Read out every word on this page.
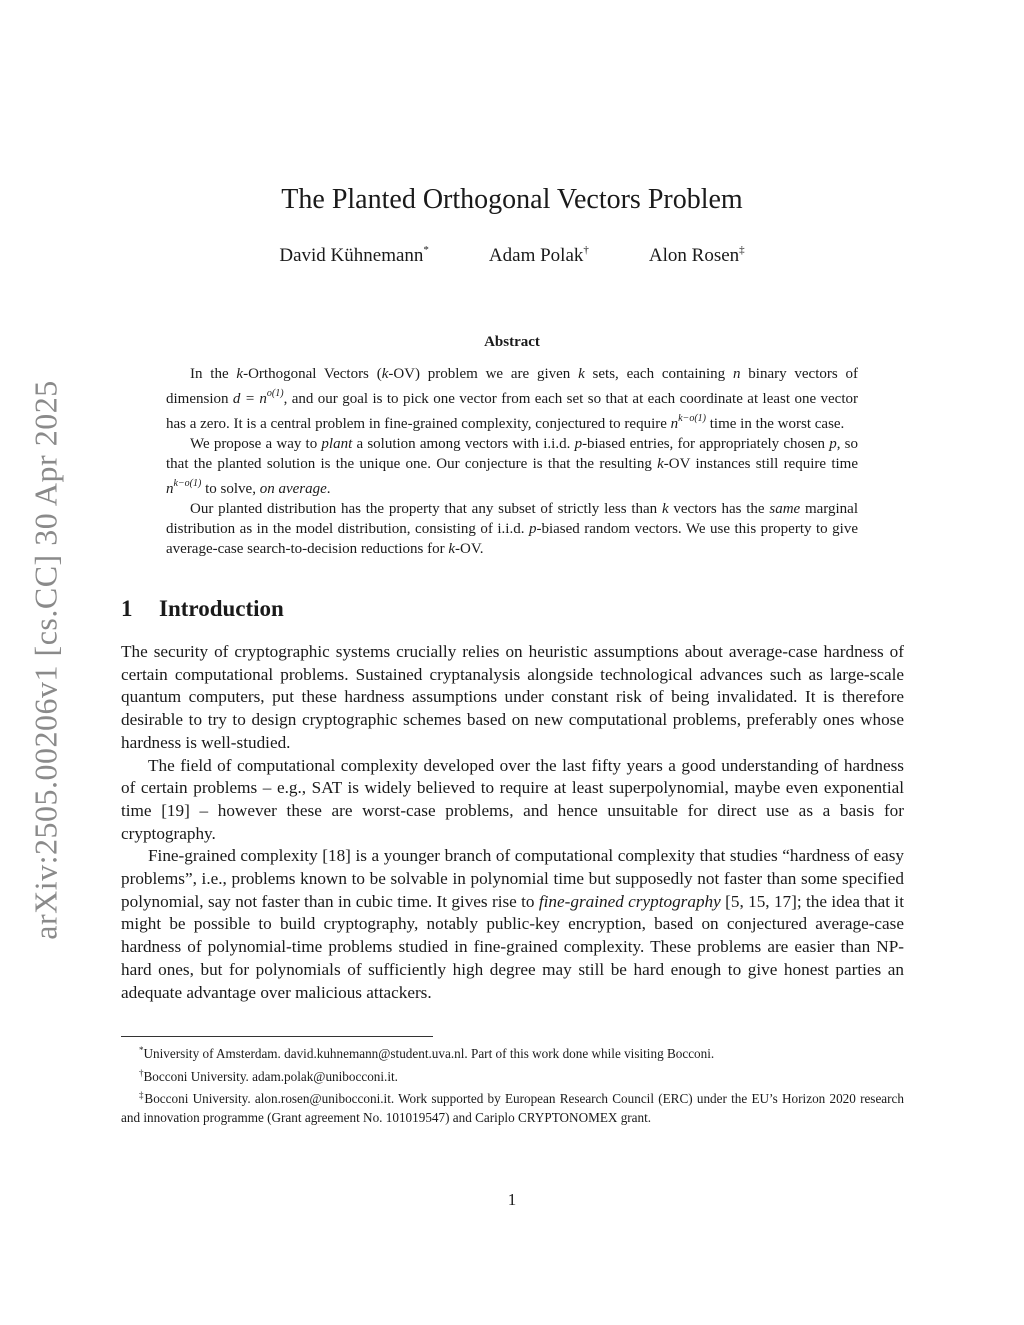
arXiv:2505.00206v1 [cs.CC] 30 Apr 2025
The Planted Orthogonal Vectors Problem
David Kühnemann*	Adam Polak†	Alon Rosen‡
Abstract

In the k-Orthogonal Vectors (k-OV) problem we are given k sets, each containing n binary vectors of dimension $d = n^{o(1)}$, and our goal is to pick one vector from each set so that at each coordinate at least one vector has a zero. It is a central problem in fine-grained complexity, conjectured to require $n^{k-o(1)}$ time in the worst case.

We propose a way to plant a solution among vectors with i.i.d. p-biased entries, for appropriately chosen p, so that the planted solution is the unique one. Our conjecture is that the resulting k-OV instances still require time $n^{k-o(1)}$ to solve, on average.

Our planted distribution has the property that any subset of strictly less than k vectors has the same marginal distribution as in the model distribution, consisting of i.i.d. p-biased random vectors. We use this property to give average-case search-to-decision reductions for k-OV.

1 Introduction

The security of cryptographic systems crucially relies on heuristic assumptions about average-case hardness of certain computational problems. Sustained cryptanalysis alongside technological advances such as large-scale quantum computers, put these hardness assumptions under constant risk of being invalidated. It is therefore desirable to try to design cryptographic schemes based on new computational problems, preferably ones whose hardness is well-studied.

The field of computational complexity developed over the last fifty years a good understanding of hardness of certain problems – e.g., SAT is widely believed to require at least superpolynomial, maybe even exponential time [19] – however these are worst-case problems, and hence unsuitable for direct use as a basis for cryptography.

Fine-grained complexity [18] is a younger branch of computational complexity that studies “hardness of easy problems”, i.e., problems known to be solvable in polynomial time but supposedly not faster than some specified polynomial, say not faster than in cubic time. It gives rise to fine-grained cryptography [5, 15, 17]; the idea that it might be possible to build cryptography, notably public-key encryption, based on conjectured average-case hardness of polynomial-time problems studied in fine-grained complexity. These problems are easier than NP-hard ones, but for polynomials of sufficiently high degree may still be hard enough to give honest parties an adequate advantage over malicious attackers.

*University of Amsterdam. david.kuhnemann@student.uva.nl. Part of this work done while visiting Bocconi.

†Bocconi University. adam.polak@unibocconi.it.

‡Bocconi University. alon.rosen@unibocconi.it. Work supported by European Research Council (ERC) under the EU’s Horizon 2020 research and innovation programme (Grant agreement No. 101019547) and Cariplo CRYPTONOMEX grant.

1
